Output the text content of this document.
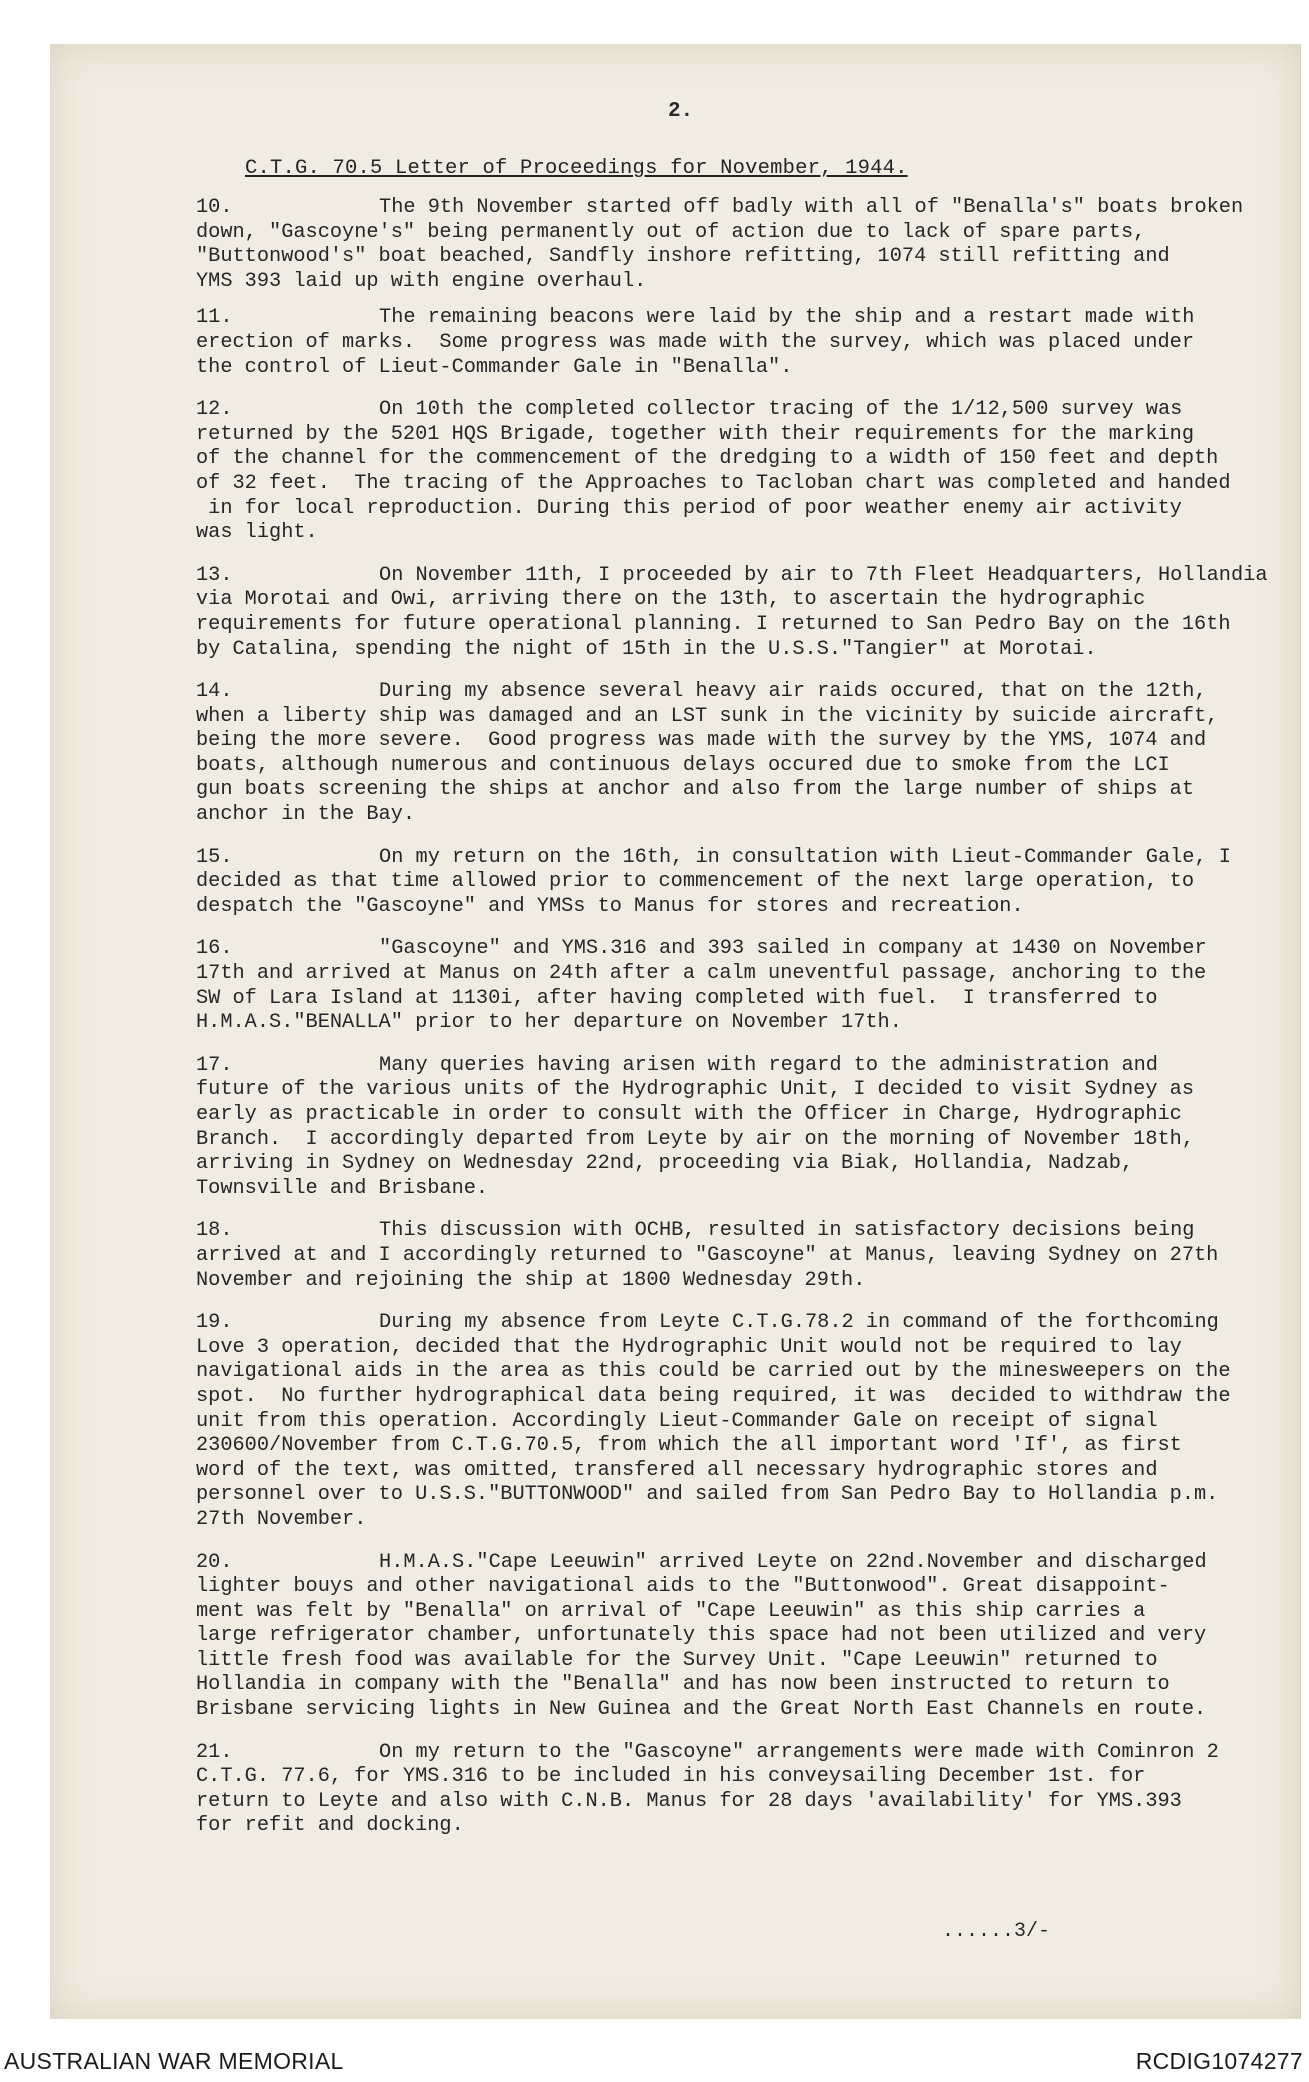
2.
C.T.G. 70.5 Letter of Proceedings for November, 1944.
10.	The 9th November started off badly with all of "Benalla's" boats broken
down, "Gascoyne's" being permanently out of action due to lack of spare parts,
"Buttonwood's" boat beached, Sandfly inshore refitting, 1074 still refitting and
YMS 393 laid up with engine overhaul.
11.	The remaining beacons were laid by the ship and a restart made with
erection of marks.  Some progress was made with the survey, which was placed under
the control of Lieut-Commander Gale in "Benalla".
12.	On 10th the completed collector tracing of the 1/12,500 survey was
returned by the 5201 HQS Brigade, together with their requirements for the marking
of the channel for the commencement of the dredging to a width of 150 feet and depth
of 32 feet.  The tracing of the Approaches to Tacloban chart was completed and handed
in for local reproduction. During this period of poor weather enemy air activity
was light.
13.	On November 11th, I proceeded by air to 7th Fleet Headquarters, Hollandia
via Morotai and Owi, arriving there on the 13th, to ascertain the hydrographic
requirements for future operational planning. I returned to San Pedro Bay on the 16th
by Catalina, spending the night of 15th in the U.S.S."Tangier" at Morotai.
14.	During my absence several heavy air raids occured, that on the 12th,
when a liberty ship was damaged and an LST sunk in the vicinity by suicide aircraft,
being the more severe.  Good progress was made with the survey by the YMS, 1074 and
boats, although numerous and continuous delays occured due to smoke from the LCI
gun boats screening the ships at anchor and also from the large number of ships at
anchor in the Bay.
15.	On my return on the 16th, in consultation with Lieut-Commander Gale, I
decided as that time allowed prior to commencement of the next large operation, to
despatch the "Gascoyne" and YMSs to Manus for stores and recreation.
16.	"Gascoyne" and YMS.316 and 393 sailed in company at 1430 on November
17th and arrived at Manus on 24th after a calm uneventful passage, anchoring to the
SW of Lara Island at 1130i, after having completed with fuel.  I transferred to
H.M.A.S."BENALLA" prior to her departure on November 17th.
17.	Many queries having arisen with regard to the administration and
future of the various units of the Hydrographic Unit, I decided to visit Sydney as
early as practicable in order to consult with the Officer in Charge, Hydrographic
Branch.  I accordingly departed from Leyte by air on the morning of November 18th,
arriving in Sydney on Wednesday 22nd, proceeding via Biak, Hollandia, Nadzab,
Townsville and Brisbane.
18.	This discussion with OCHB, resulted in satisfactory decisions being
arrived at and I accordingly returned to "Gascoyne" at Manus, leaving Sydney on 27th
November and rejoining the ship at 1800 Wednesday 29th.
19.	During my absence from Leyte C.T.G.78.2 in command of the forthcoming
Love 3 operation, decided that the Hydrographic Unit would not be required to lay
navigational aids in the area as this could be carried out by the minesweepers on the
spot.  No further hydrographical data being required, it was  decided to withdraw the
unit from this operation. Accordingly Lieut-Commander Gale on receipt of signal
230600/November from C.T.G.70.5, from which the all important word 'If', as first
word of the text, was omitted, transfered all necessary hydrographic stores and
personnel over to U.S.S."BUTTONWOOD" and sailed from San Pedro Bay to Hollandia p.m.
27th November.
20.	H.M.A.S."Cape Leeuwin" arrived Leyte on 22nd.November and discharged
lighter bouys and other navigational aids to the "Buttonwood". Great disappoint-
ment was felt by "Benalla" on arrival of "Cape Leeuwin" as this ship carries a
large refrigerator chamber, unfortunately this space had not been utilized and very
little fresh food was available for the Survey Unit. "Cape Leeuwin" returned to
Hollandia in company with the "Benalla" and has now been instructed to return to
Brisbane servicing lights in New Guinea and the Great North East Channels en route.
21.	On my return to the "Gascoyne" arrangements were made with Cominron 2
C.T.G. 77.6, for YMS.316 to be included in his conveysailing December 1st. for
return to Leyte and also with C.N.B. Manus for 28 days 'availability' for YMS.393
for refit and docking.
......3/-
AUSTRALIAN WAR MEMORIAL	RCDIG1074277
